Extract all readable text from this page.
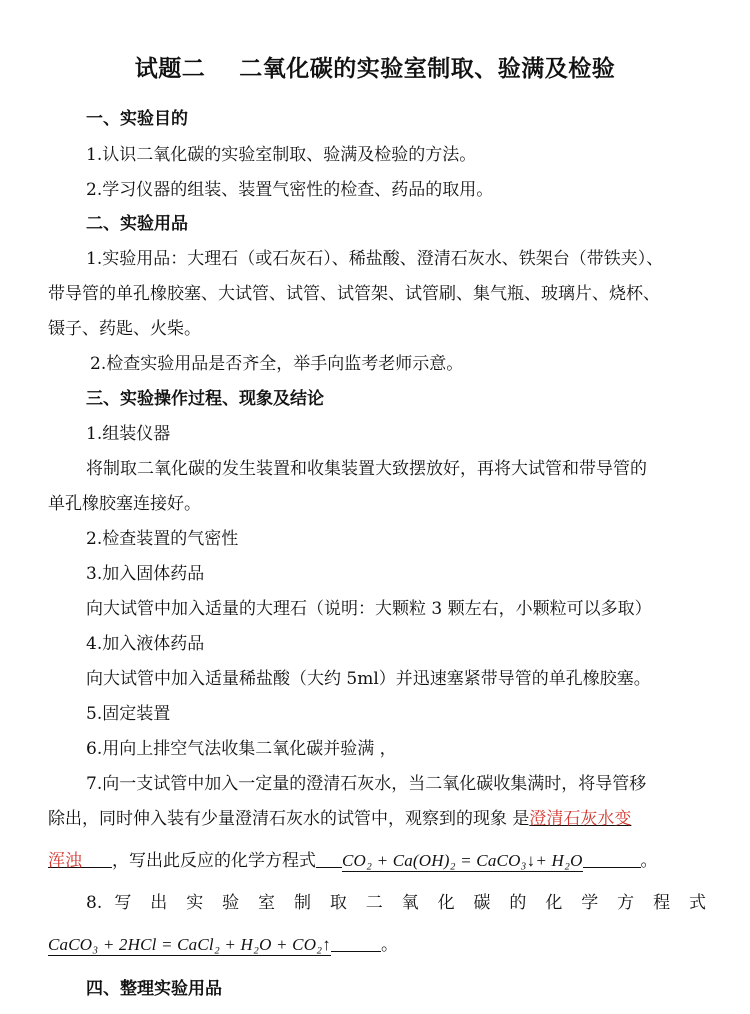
试题二    二氧化碳的实验室制取、验满及检验
一、实验目的
1.认识二氧化碳的实验室制取、验满及检验的方法。
2.学习仪器的组装、装置气密性的检查、药品的取用。
二、实验用品
1.实验用品：大理石（或石灰石）、稀盐酸、澄清石灰水、铁架台（带铁夹）、
带导管的单孔橡胶塞、大试管、试管、试管架、试管刷、集气瓶、玻璃片、烧杯、
镊子、药匙、火柴。
2.检查实验用品是否齐全，举手向监考老师示意。
三、实验操作过程、现象及结论
1.组装仪器
将制取二氧化碳的发生装置和收集装置大致摆放好，再将大试管和带导管的
单孔橡胶塞连接好。
2.检查装置的气密性
3.加入固体药品
向大试管中加入适量的大理石（说明：大颗粒 3 颗左右，小颗粒可以多取）
4.加入液体药品
向大试管中加入适量稀盐酸（大约 5ml）并迅速塞紧带导管的单孔橡胶塞。
5.固定装置
6.用向上排空气法收集二氧化碳并验满 ，
7.向一支试管中加入一定量的澄清石灰水，当二氧化碳收集满时，将导管移
除出，同时伸入装有少量澄清石灰水的试管中，观察到的现象 是澄清石灰水变
浑浊 ，写出此反应的化学方程式 CO₂ + Ca(OH)₂ = CaCO₃↓+ H₂O	。
8. 写 出 实 验 室 制 取 二 氧 化 碳 的 化 学 方 程 式
CaCO₃ + 2HCl = CaCl₂ + H₂O + CO₂↑	。
四、整理实验用品
